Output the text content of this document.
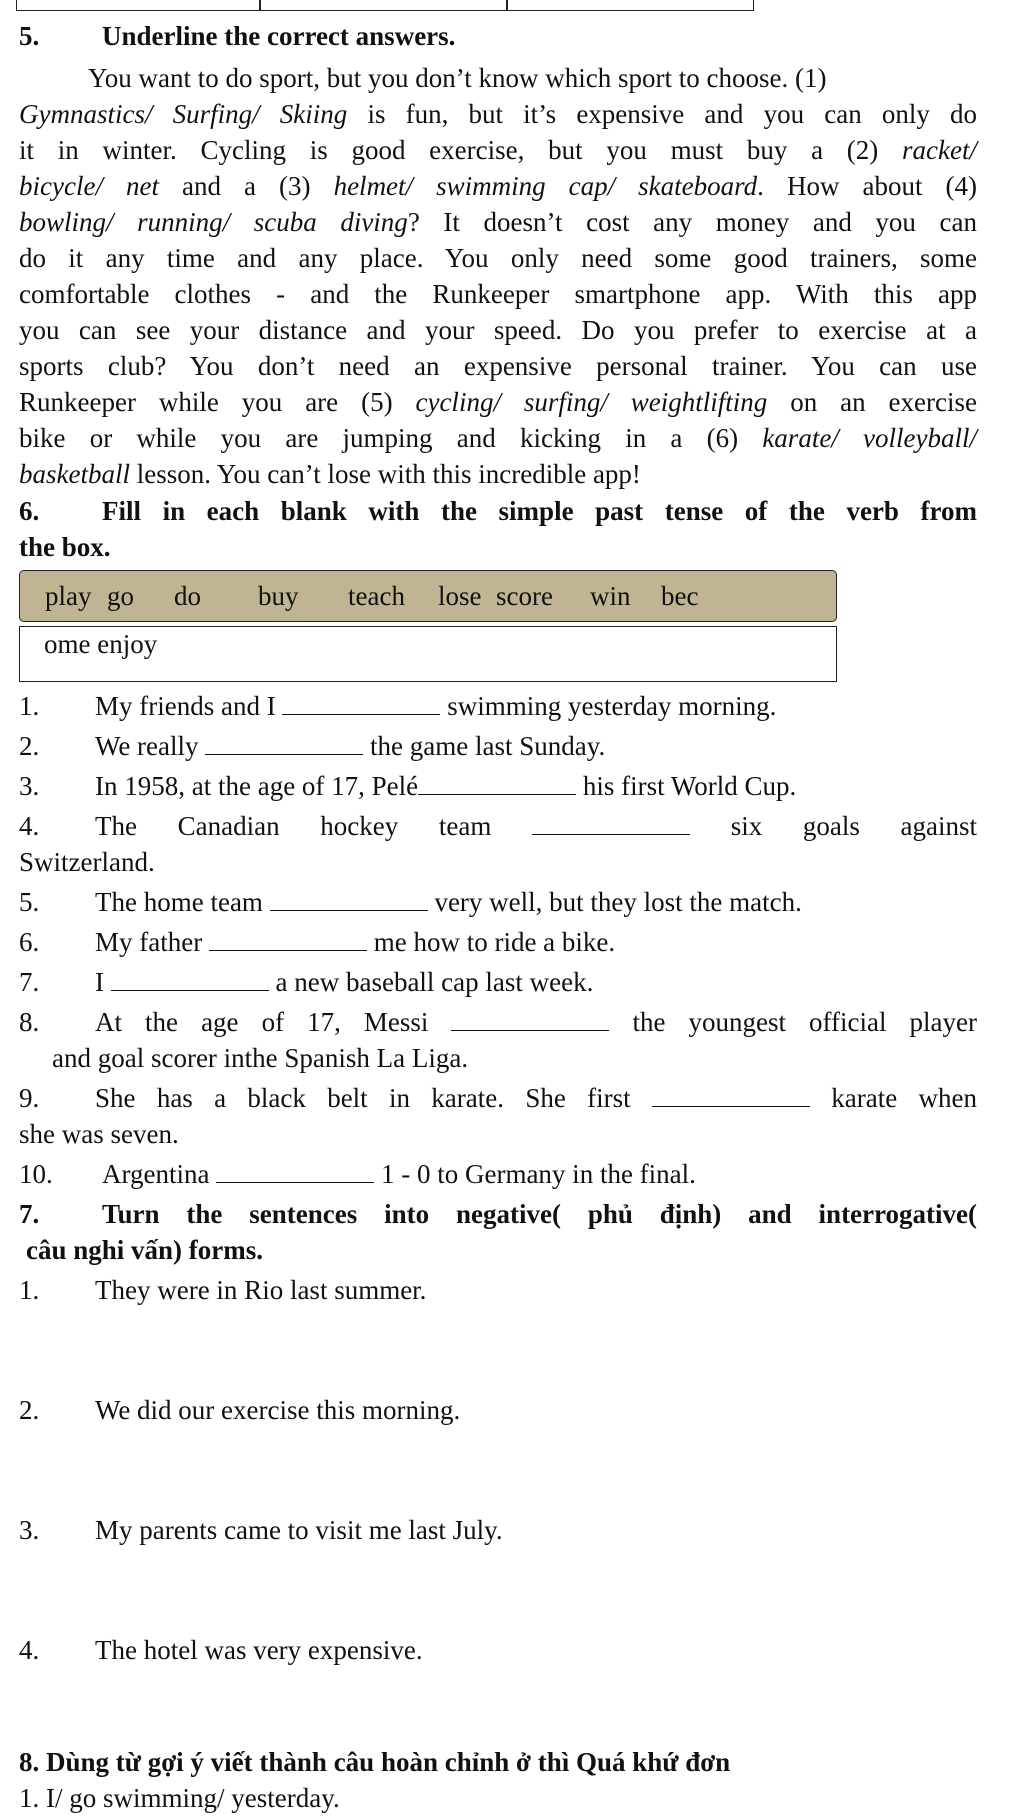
5. Underline the correct answers.
You want to do sport, but you don’t know which sport to choose. (1)
Gymnastics/ Surfing/ Skiing is fun, but it’s expensive and you can only do
it in winter. Cycling is good exercise, but you must buy a (2) racket/
bicycle/ net and a (3) helmet/ swimming cap/ skateboard. How about (4)
bowling/ running/ scuba diving? It doesn’t cost any money and you can
do it any time and any place. You only need some good trainers, some
comfortable clothes - and the Runkeeper smartphone app. With this app
you can see your distance and your speed. Do you prefer to exercise at a
sports club? You don’t need an expensive personal trainer. You can use
Runkeeper while you are (5) cycling/ surfing/ weightlifting on an exercise
bike or while you are jumping and kicking in a (6) karate/ volleyball/
basketball lesson. You can’t lose with this incredible app!
6. Fill in each blank with the simple past tense of the verb from
the box.
play go	do	buy	teach	lose score	win	bec
ome enjoy
1. My friends and I	swimming yesterday morning.
2. We really	the game last Sunday.
3. In 1958, at the age of 17, Pelé	his first World Cup.
4. The Canadian hockey team	six goals against
Switzerland.
5. The home team	very well, but they lost the match.
6. My father	me how to ride a bike.
7. I	a new baseball cap last week.
8. At the age of 17, Messi	the youngest official player
and goal scorer inthe Spanish La Liga.
9. She has a black belt in karate. She first	karate when
she was seven.
10. Argentina	1 - 0 to Germany in the final.
7. Turn the sentences into negative( phủ định) and interrogative(
câu nghi vấn) forms.
1. They were in Rio last summer.
2. We did our exercise this morning.
3. My parents came to visit me last July.
4. The hotel was very expensive.
8. Dùng từ gợi ý viết thành câu hoàn chỉnh ở thì Quá khứ đơn
1. I/ go swimming/ yesterday.
